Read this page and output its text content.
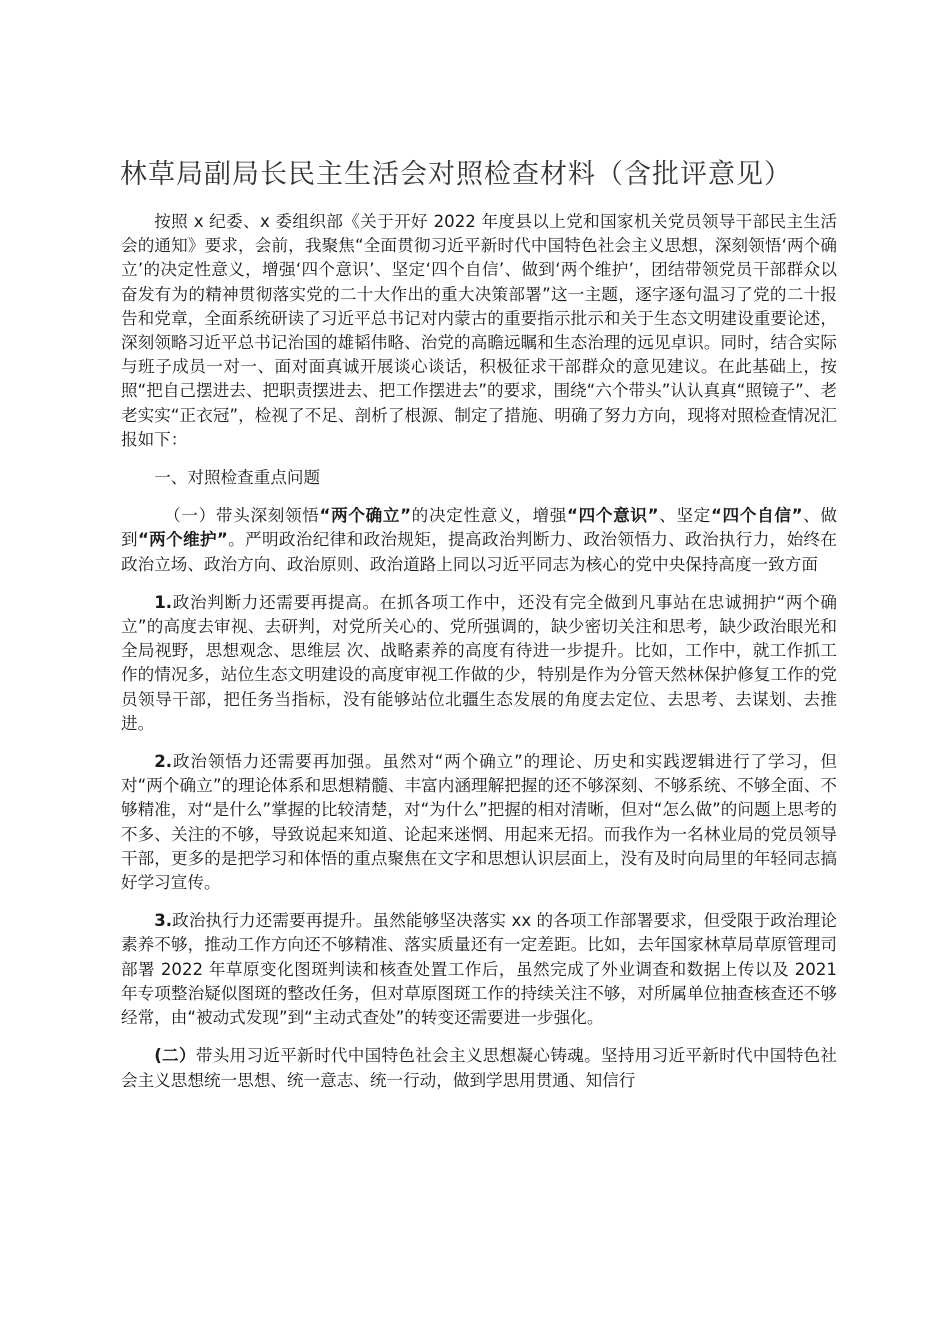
林草局副局长民主生活会对照检查材料（含批评意见）

按照 x 纪委、x 委组织部《关于开好 2022 年度县以上党和国家机关党员领导干部民主生活会的通知》要求，会前，我聚焦“全面贯彻习近平新时代中国特色社会主义思想，深刻领悟‘两个确立’的决定性意义，增强‘四个意识’、坚定‘四个自信’、做到‘两个维护’，团结带领党员干部群众以奋发有为的精神贯彻落实党的二十大作出的重大决策部署”这一主题，逐字逐句温习了党的二十报告和党章，全面系统研读了习近平总书记对内蒙古的重要指示批示和关于生态文明建设重要论述，深刻领略习近平总书记治国的雄韬伟略、治党的高瞻远瞩和生态治理的远见卓识。同时，结合实际与班子成员一对一、面对面真诚开展谈心谈话，积极征求干部群众的意见建议。在此基础上，按照“把自己摆进去、把职责摆进去、把工作摆进去”的要求，围绕“六个带头”认认真真“照镜子”、老老实实“正衣冠”，检视了不足、剖析了根源、制定了措施、明确了努力方向，现将对照检查情况汇报如下：

一、对照检查重点问题

（一）带头深刻领悟“两个确立”的决定性意义，增强“四个意识”、坚定“四个自信”、做到“两个维护”。严明政治纪律和政治规矩，提高政治判断力、政治领悟力、政治执行力，始终在政治立场、政治方向、政治原则、政治道路上同以习近平同志为核心的党中央保持高度一致方面

1.政治判断力还需要再提高。在抓各项工作中，还没有完全做到凡事站在忠诚拥护“两个确立”的高度去审视、去研判，对党所关心的、党所强调的，缺少密切关注和思考，缺少政治眼光和全局视野，思想观念、思维层 次、战略素养的高度有待进一步提升。比如，工作中，就工作抓工作的情况多，站位生态文明建设的高度审视工作做的少，特别是作为分管天然林保护修复工作的党员领导干部，把任务当指标，没有能够站位北疆生态发展的角度去定位、去思考、去谋划、去推进。

2.政治领悟力还需要再加强。虽然对“两个确立”的理论、历史和实践逻辑进行了学习，但对“两个确立”的理论体系和思想精髓、丰富内涵理解把握的还不够深刻、不够系统、不够全面、不够精准，对“是什么”掌握的比较清楚，对“为什么”把握的相对清晰，但对“怎么做”的问题上思考的不多、关注的不够，导致说起来知道、论起来迷惘、用起来无招。而我作为一名林业局的党员领导干部，更多的是把学习和体悟的重点聚焦在文字和思想认识层面上，没有及时向局里的年轻同志搞好学习宣传。

3.政治执行力还需要再提升。虽然能够坚决落实 xx 的各项工作部署要求，但受限于政治理论素养不够，推动工作方向还不够精准、落实质量还有一定差距。比如，去年国家林草局草原管理司部署 2022 年草原变化图斑判读和核查处置工作后，虽然完成了外业调查和数据上传以及 2021 年专项整治疑似图斑的整改任务，但对草原图斑工作的持续关注不够，对所属单位抽查核查还不够经常，由“被动式发现”到“主动式查处”的转变还需要进一步强化。

(二）带头用习近平新时代中国特色社会主义思想凝心铸魂。坚持用习近平新时代中国特色社会主义思想统一思想、统一意志、统一行动，做到学思用贯通、知信行
